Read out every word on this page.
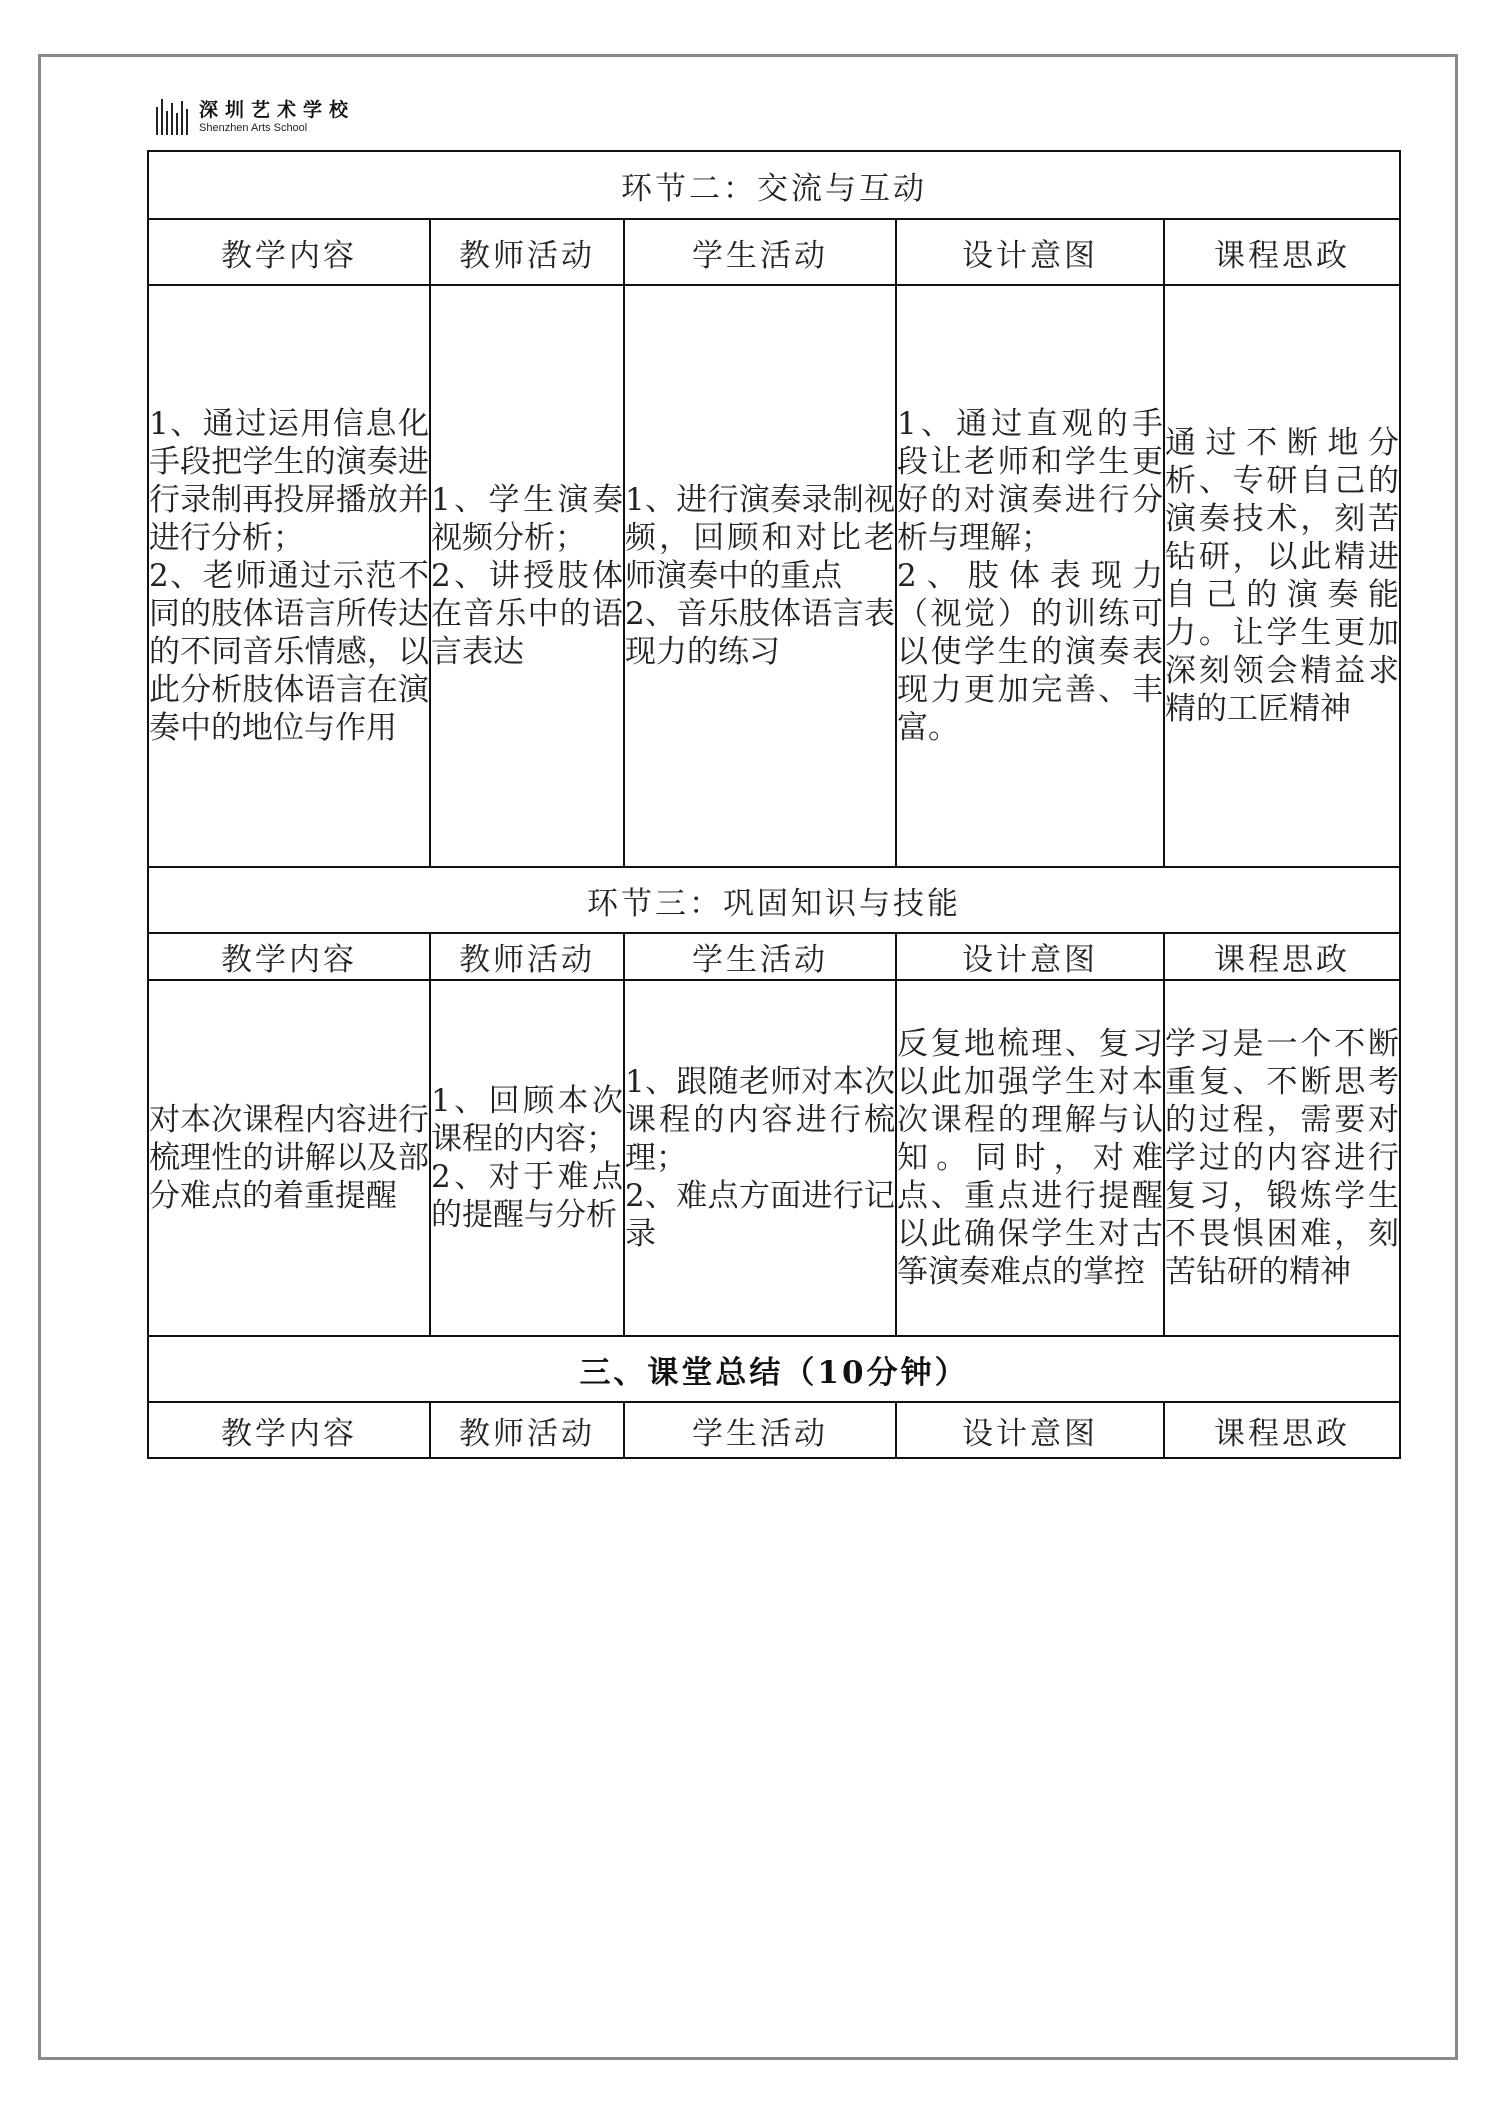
深圳艺术学校
Shenzhen Arts School
环节二：交流与互动				
教学内容	教师活动	学生活动	设计意图	课程思政

1、通过运用信息化手段把学生的演奏进行录制再投屏播放并进行分析；
2、老师通过示范不同的肢体语言所传达的不同音乐情感，以此分析肢体语言在演奏中的地位与作用	1、学生演奏视频分析；
2、讲授肢体在音乐中的语言表达	1、进行演奏录制视频，回顾和对比老师演奏中的重点
2、音乐肢体语言表现力的练习	1、通过直观的手段让老师和学生更好的对演奏进行分析与理解；
2、肢体表现力（视觉）的训练可以使学生的演奏表现力更加完善、丰富。	通过不断地分析、专研自己的演奏技术，刻苦钻研，以此精进自己的演奏能力。让学生更加深刻领会精益求精的工匠精神

环节三：巩固知识与技能				
教学内容	教师活动	学生活动	设计意图	课程思政

对本次课程内容进行梳理性的讲解以及部分难点的着重提醒	1、回顾本次课程的内容；
2、对于难点的提醒与分析	1、跟随老师对本次课程的内容进行梳理；
2、难点方面进行记录	反复地梳理、复习以此加强学生对本次课程的理解与认知。同时，对难点、重点进行提醒以此确保学生对古筝演奏难点的掌控	学习是一个不断重复、不断思考的过程，需要对学过的内容进行复习，锻炼学生不畏惧困难，刻苦钻研的精神

三、课堂总结（10分钟）				
教学内容	教师活动	学生活动	设计意图	课程思政
